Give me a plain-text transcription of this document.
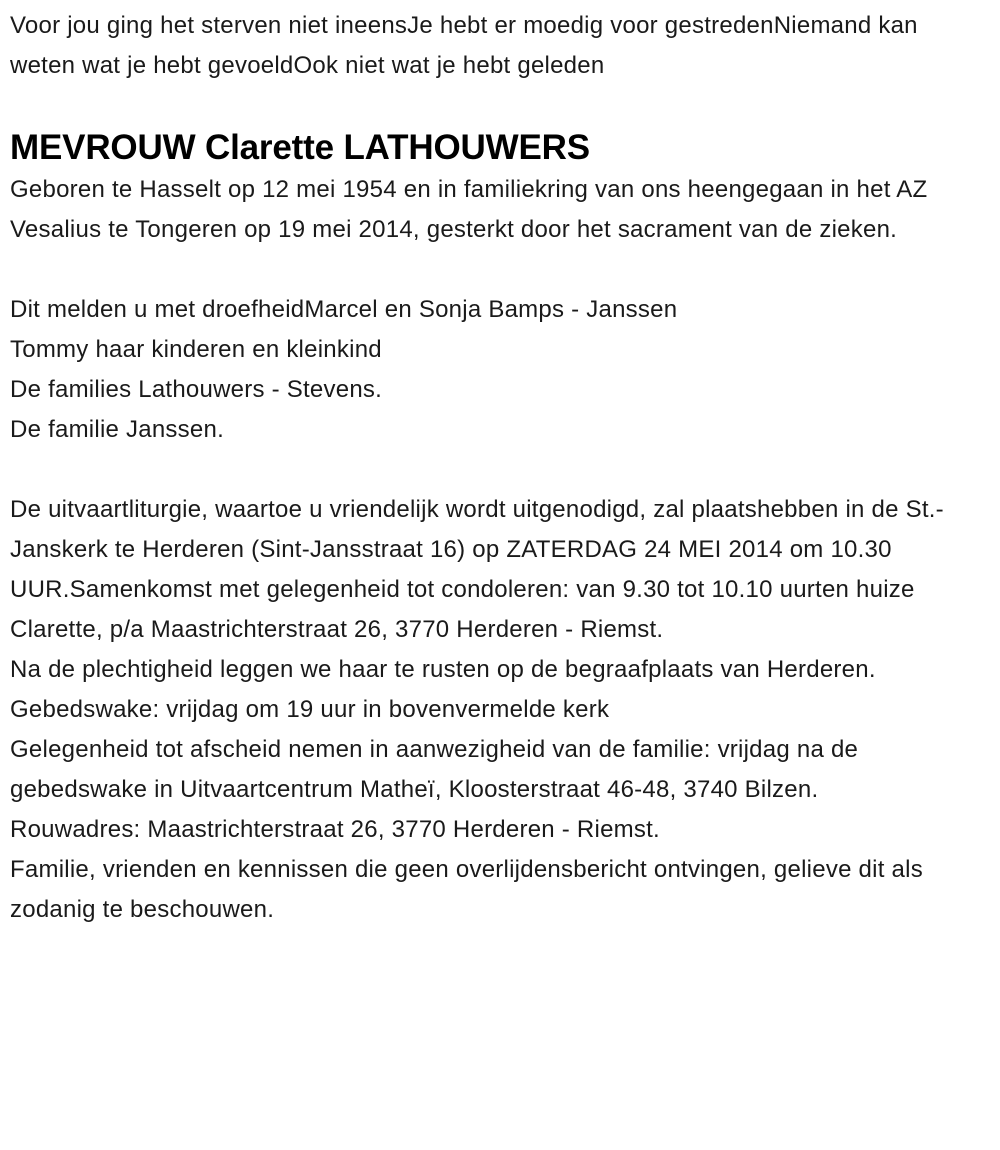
Voor jou ging het sterven niet ineensJe hebt er moedig voor gestredenNiemand kan weten wat je hebt gevoeldOok niet wat je hebt geleden

MEVROUW Clarette LATHOUWERS

Geboren te Hasselt op 12 mei 1954 en in familiekring van ons heengegaan in het AZ Vesalius te Tongeren op 19 mei 2014, gesterkt door het sacrament van de zieken.

Dit melden u met droefheidMarcel en Sonja Bamps - Janssen
Tommy haar kinderen en kleinkind
De families Lathouwers - Stevens.
De familie Janssen.
De uitvaartliturgie, waartoe u vriendelijk wordt uitgenodigd, zal plaatshebben in de St.-Janskerk te Herderen (Sint-Jansstraat 16) op ZATERDAG 24 MEI 2014 om 10.30 UUR.Samenkomst met gelegenheid tot condoleren: van 9.30 tot 10.10 uurten huize Clarette, p/a Maastrichterstraat 26, 3770 Herderen - Riemst.
Na de plechtigheid leggen we haar te rusten op de begraafplaats van Herderen.
Gebedswake: vrijdag om 19 uur in bovenvermelde kerk
Gelegenheid tot afscheid nemen in aanwezigheid van de familie: vrijdag na de gebedswake in Uitvaartcentrum Matheï, Kloosterstraat 46-48, 3740 Bilzen.
Rouwadres: Maastrichterstraat 26, 3770 Herderen - Riemst.
Familie, vrienden en kennissen die geen overlijdensbericht ontvingen, gelieve dit als zodanig te beschouwen.
